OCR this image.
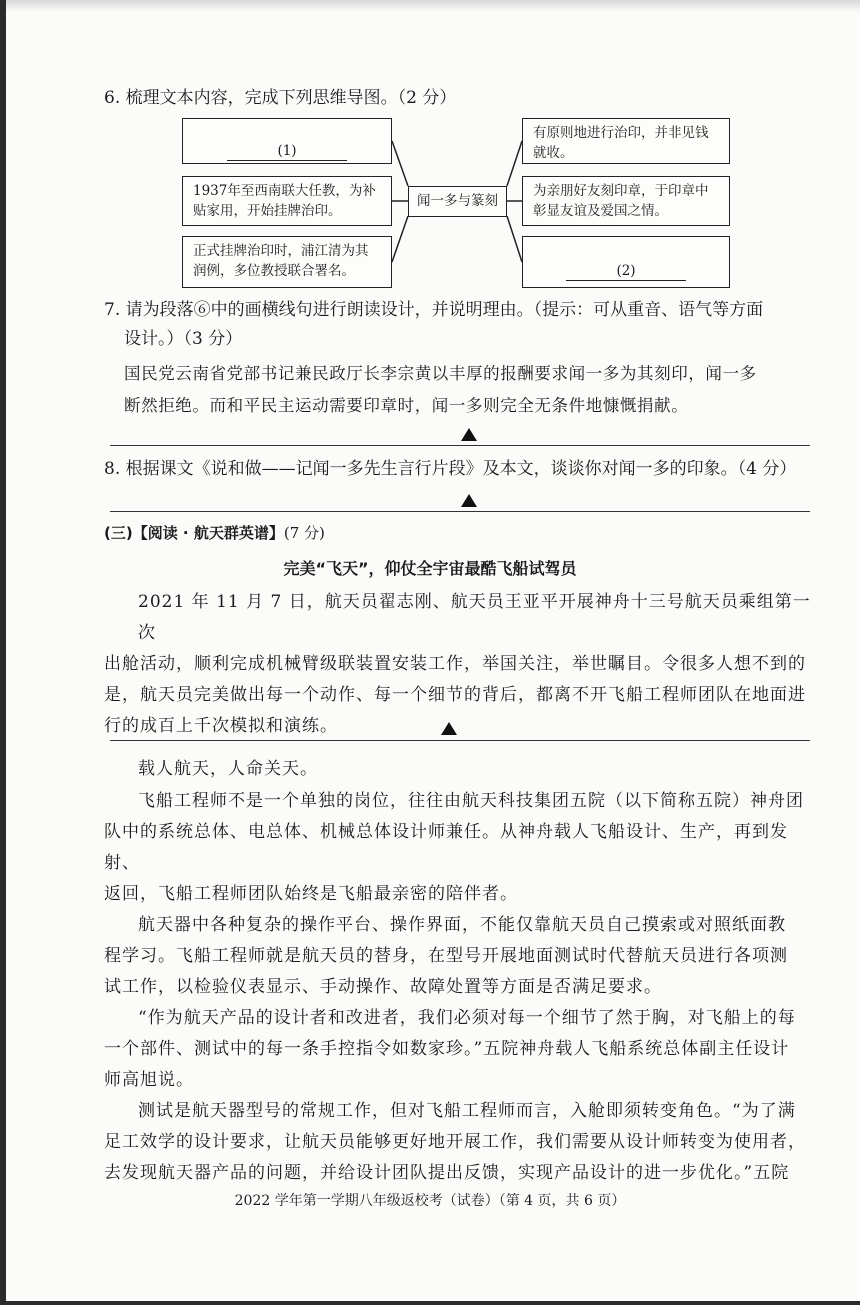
6. 梳理文本内容，完成下列思维导图。（2 分）
(1)
1937年至西南联大任教，为补贴家用，开始挂牌治印。
正式挂牌治印时，浦江清为其润例，多位教授联合署名。
闻一多与篆刻
有原则地进行治印，并非见钱就收。
为亲朋好友刻印章，于印章中彰显友谊及爱国之情。
(2)
7. 请为段落⑥中的画横线句进行朗读设计，并说明理由。（提示：可从重音、语气等方面
设计。）（3 分）
国民党云南省党部书记兼民政厅长李宗黄以丰厚的报酬要求闻一多为其刻印，闻一多
断然拒绝。而和平民主运动需要印章时，闻一多则完全无条件地慷慨捐献。
8. 根据课文《说和做——记闻一多先生言行片段》及本文，谈谈你对闻一多的印象。（4 分）
(三)【阅读 · 航天群英谱】(7 分)
完美“飞天”，仰仗全宇宙最酷飞船试驾员
2021 年 11 月 7 日，航天员翟志刚、航天员王亚平开展神舟十三号航天员乘组第一次
出舱活动，顺利完成机械臂级联装置安装工作，举国关注，举世瞩目。令很多人想不到的
是，航天员完美做出每一个动作、每一个细节的背后，都离不开飞船工程师团队在地面进
行的成百上千次模拟和演练。
载人航天，人命关天。
飞船工程师不是一个单独的岗位，往往由航天科技集团五院（以下简称五院）神舟团
队中的系统总体、电总体、机械总体设计师兼任。从神舟载人飞船设计、生产，再到发射、
返回，飞船工程师团队始终是飞船最亲密的陪伴者。
航天器中各种复杂的操作平台、操作界面，不能仅靠航天员自己摸索或对照纸面教
程学习。飞船工程师就是航天员的替身，在型号开展地面测试时代替航天员进行各项测
试工作，以检验仪表显示、手动操作、故障处置等方面是否满足要求。
“作为航天产品的设计者和改进者，我们必须对每一个细节了然于胸，对飞船上的每
一个部件、测试中的每一条手控指令如数家珍。”五院神舟载人飞船系统总体副主任设计
师高旭说。
测试是航天器型号的常规工作，但对飞船工程师而言，入舱即须转变角色。“为了满
足工效学的设计要求，让航天员能够更好地开展工作，我们需要从设计师转变为使用者，
去发现航天器产品的问题，并给设计团队提出反馈，实现产品设计的进一步优化。”五院
2022 学年第一学期八年级返校考（试卷）（第 4 页，共 6 页）
